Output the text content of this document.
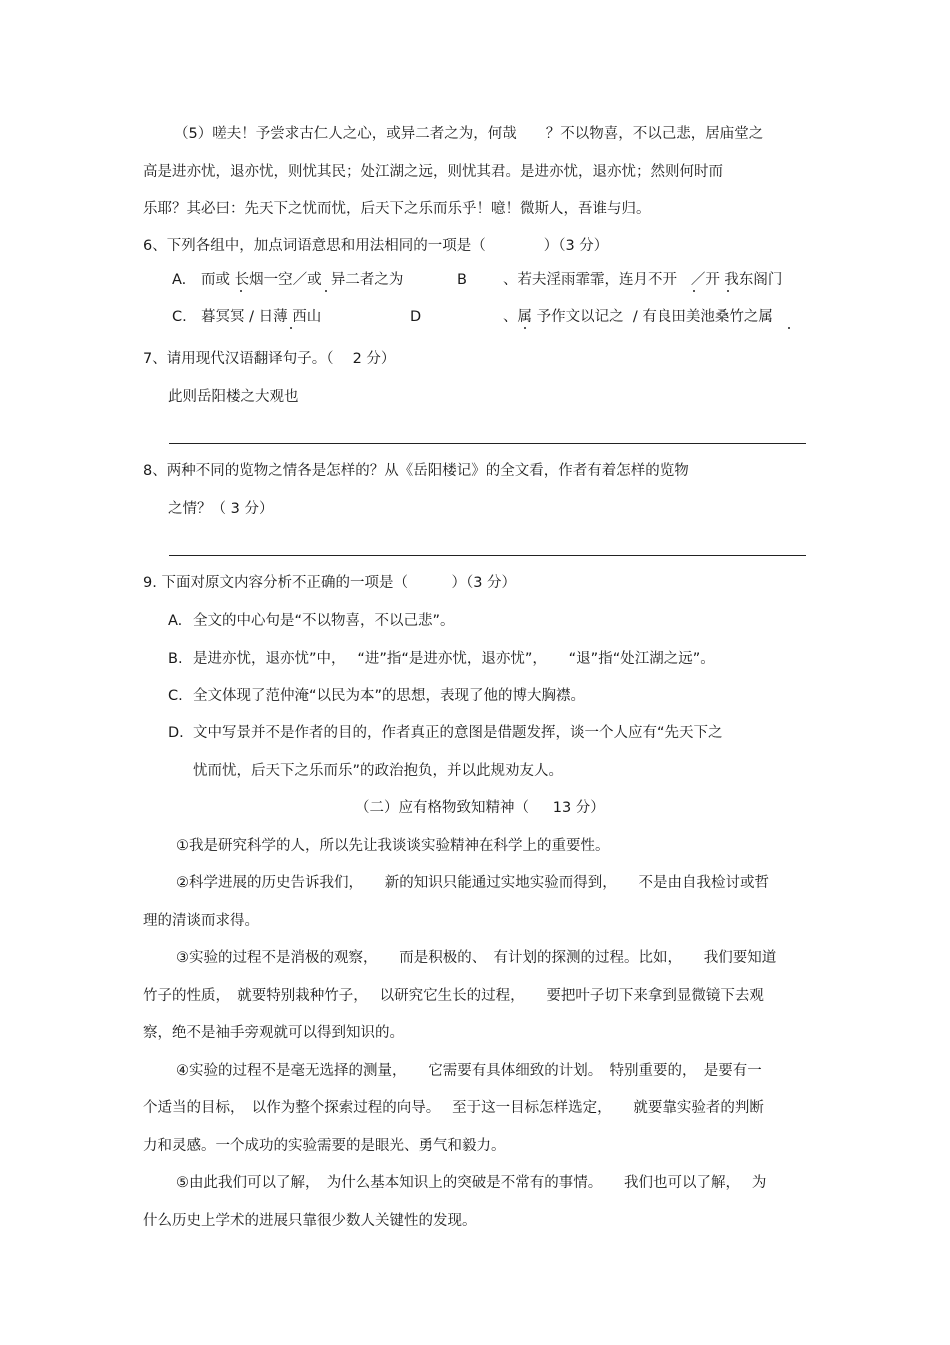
（5）嗟夫！予尝求古仁人之心，或异二者之为，何哉　　？不以物喜，不以己悲，居庙堂之
高是进亦忧，退亦忧，则忧其民；处江湖之远，则忧其君。是进亦忧，退亦忧；然则何时而
乐耶？其必曰：先天下之忧而忧，后天下之乐而乐乎！噫！微斯人，吾谁与归。
6、下列各组中，加点词语意思和用法相同的一项是（　　　　）（3 分）
A. 而或 长烟一空／或  异二者之为	B 、若夫淫雨霏霏，连月不开   ／开 我东阁门
C. 暮冥冥 / 日薄 西山	D	、属 予作文以记之  / 有良田美池桑竹之属
7、请用现代汉语翻译句子。（　 2 分）
此则岳阳楼之大观也
8、两种不同的览物之情各是怎样的？从《岳阳楼记》的全文看，作者有着怎样的览物
之情？（ 3 分）
9. 下面对原文内容分析不正确的一项是（　　　）（3 分）
A. 全文的中心句是“不以物喜，不以己悲”。
B. 是进亦忧，退亦忧”中，　 “进”指“是进亦忧，退亦忧”，　　“退”指“处江湖之远”。
C. 全文体现了范仲淹“以民为本”的思想，表现了他的博大胸襟。
D. 文中写景并不是作者的目的，作者真正的意图是借题发挥，谈一个人应有“先天下之
忧而忧，后天下之乐而乐”的政治抱负，并以此规劝友人。
（二）应有格物致知精神（　  13 分）
①我是研究科学的人，所以先让我谈谈实验精神在科学上的重要性。
②科学进展的历史告诉我们，　　新的知识只能通过实地实验而得到，　　不是由自我检讨或哲
理的清谈而求得。
③实验的过程不是消极的观察，　　而是积极的、　有计划的探测的过程。比如，　　我们要知道
竹子的性质，　就要特别栽种竹子，　 以研究它生长的过程，　　要把叶子切下来拿到显微镜下去观
察，绝不是袖手旁观就可以得到知识的。
④实验的过程不是毫无选择的测量，　　它需要有具体细致的计划。　特别重要的，　是要有一
个适当的目标，　以作为整个探索过程的向导。　 至于这一目标怎样选定，　　就要靠实验者的判断
力和灵感。一个成功的实验需要的是眼光、勇气和毅力。
⑤由此我们可以了解，　为什么基本知识上的突破是不常有的事情。　　我们也可以了解，　 为
什么历史上学术的进展只靠很少数人关键性的发现。
